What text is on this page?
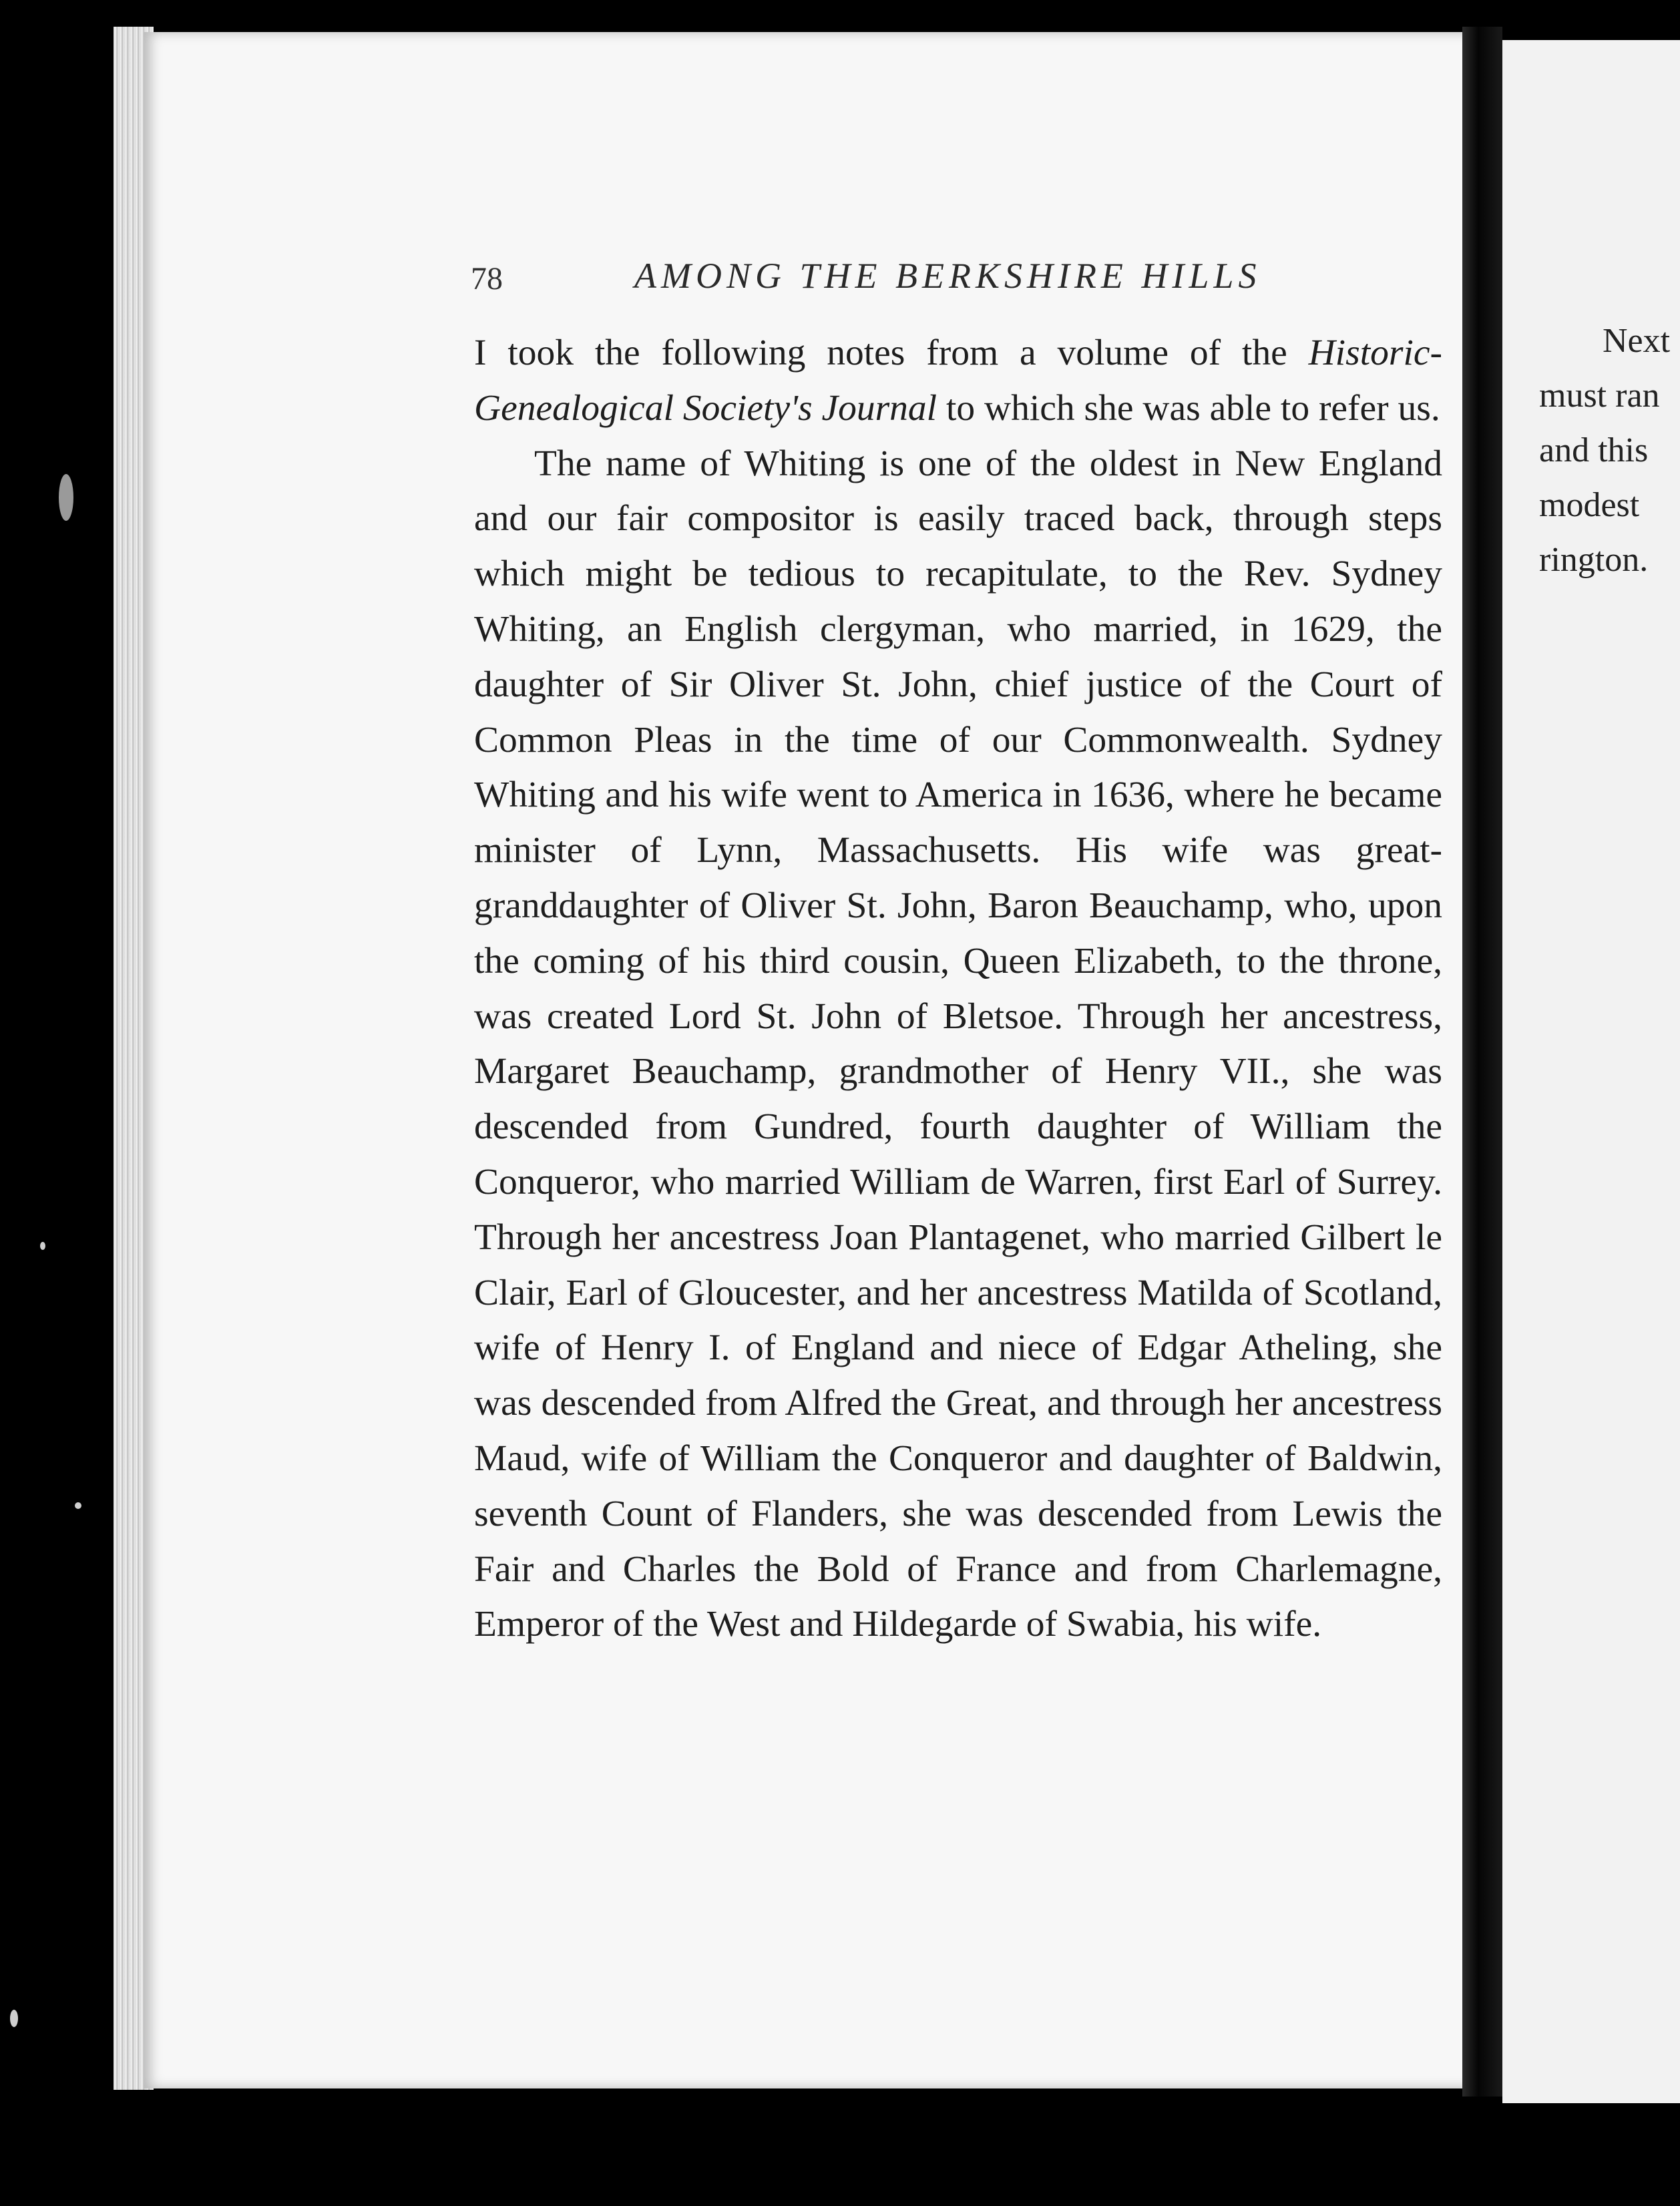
78	AMONG THE BERKSHIRE HILLS

I took the following notes from a volume of the Historic-Genealogical Society's Journal to which she was able to refer us.

The name of Whiting is one of the oldest in New England and our fair compositor is easily traced back, through steps which might be tedious to recapitulate, to the Rev. Sydney Whiting, an English clergyman, who married, in 1629, the daughter of Sir Oliver St. John, chief justice of the Court of Common Pleas in the time of our Commonwealth. Sydney Whiting and his wife went to America in 1636, where he became minister of Lynn, Massachusetts. His wife was great-granddaughter of Oliver St. John, Baron Beauchamp, who, upon the coming of his third cousin, Queen Elizabeth, to the throne, was created Lord St. John of Bletsoe. Through her ancestress, Margaret Beauchamp, grandmother of Henry VII., she was descended from Gundred, fourth daughter of William the Conqueror, who married William de Warren, first Earl of Surrey. Through her ancestress Joan Plantagenet, who married Gilbert le Clair, Earl of Gloucester, and her ancestress Matilda of Scotland, wife of Henry I. of England and niece of Edgar Atheling, she was descended from Alfred the Great, and through her ancestress Maud, wife of William the Conqueror and daughter of Baldwin, seventh Count of Flanders, she was descended from Lewis the Fair and Charles the Bold of France and from Charlemagne, Emperor of the West and Hildegarde of Swabia, his wife.

Next
must ran
and this
modest
rington.
